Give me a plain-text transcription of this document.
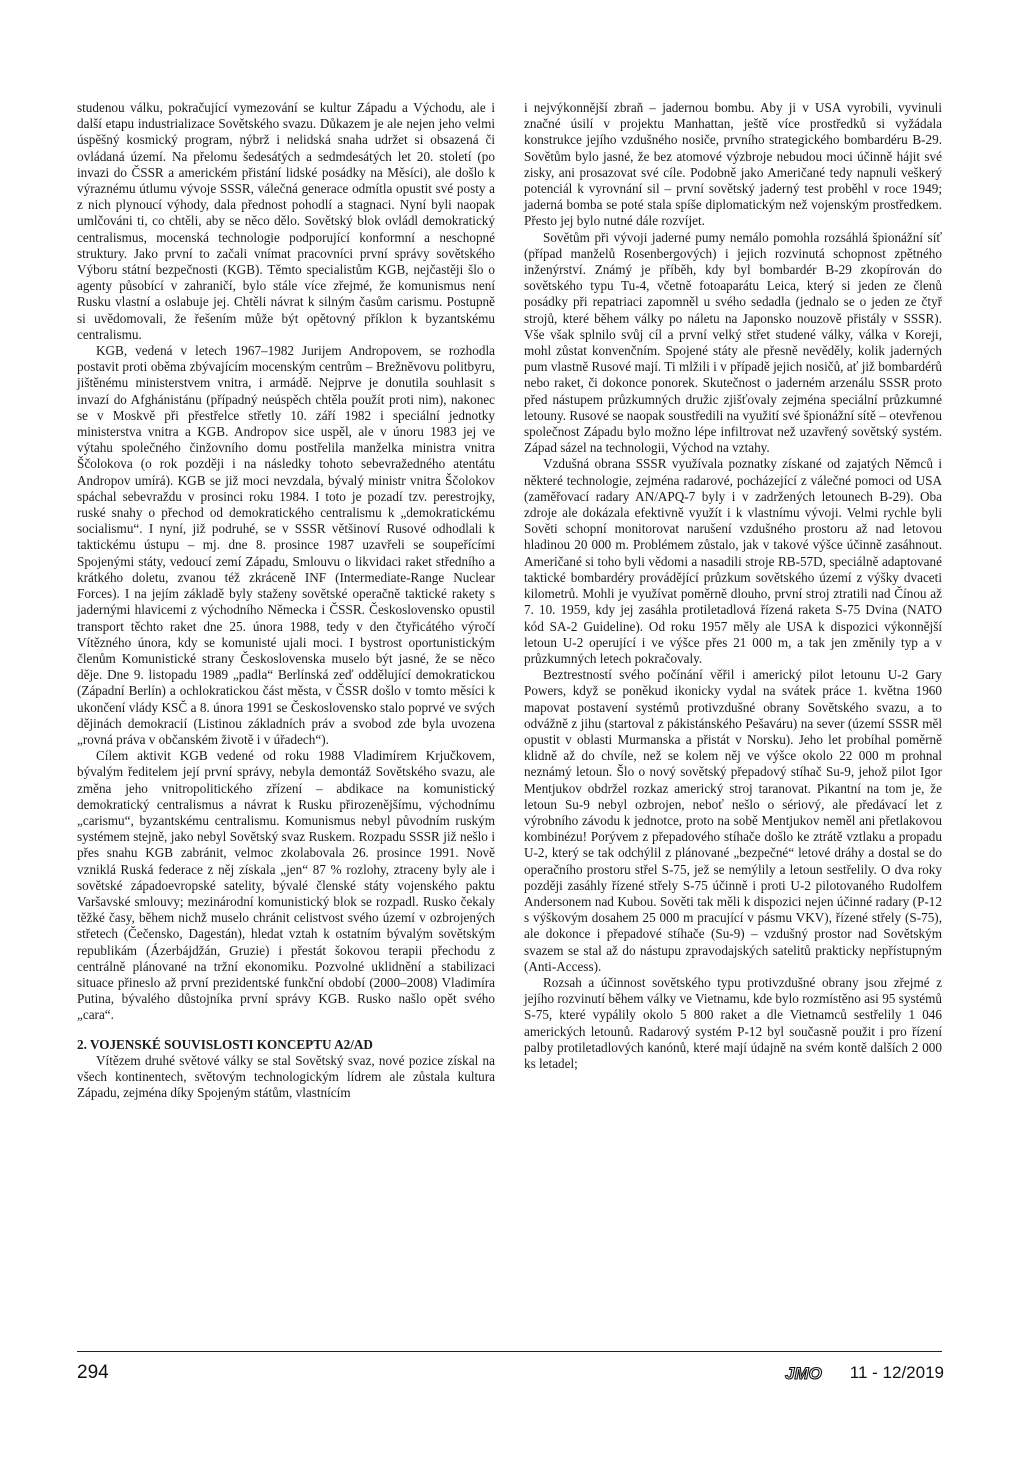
studenou válku, pokračující vymezování se kultur Západu a Východu, ale i další etapu industrializace Sovětského svazu. Důkazem je ale nejen jeho velmi úspěšný kosmický program, nýbrž i nelidská snaha udržet si obsazená či ovládaná území. Na přelomu šedesátých a sedmdesátých let 20. století (po invazi do ČSSR a americkém přistání lidské posádky na Měsíci), ale došlo k výraznému útlumu vývoje SSSR, válečná generace odmítla opustit své posty a z nich plynoucí výhody, dala přednost pohodlí a stagnaci. Nyní byli naopak umlčováni ti, co chtěli, aby se něco dělo. Sovětský blok ovládl demokratický centralismus, mocenská technologie podporující konformní a neschopné struktury. Jako první to začali vnímat pracovníci první správy sovětského Výboru státní bezpečnosti (KGB). Těmto specialistům KGB, nejčastěji šlo o agenty působící v zahraničí, bylo stále více zřejmé, že komunismus není Rusku vlastní a oslabuje jej. Chtěli návrat k silným časům carismu. Postupně si uvědomovali, že řešením může být opětovný příklon k byzantskému centralismu.

KGB, vedená v letech 1967–1982 Jurijem Andropovem, se rozhodla postavit proti oběma zbývajícím mocenským centrům – Brežněvovu politbyru, jištěnému ministerstvem vnitra, i armádě. Nejprve je donutila souhlasit s invazí do Afghánistánu (případný neúspěch chtěla použít proti nim), nakonec se v Moskvě při přestřelce střetly 10. září 1982 i speciální jednotky ministerstva vnitra a KGB. Andropov sice uspěl, ale v únoru 1983 jej ve výtahu společného činžovního domu postřelila manželka ministra vnitra Ščolokova (o rok později i na následky tohoto sebevražedného atentátu Andropov umírá). KGB se již moci nevzdala, bývalý ministr vnitra Ščolokov spáchal sebevraždu v prosinci roku 1984. I toto je pozadí tzv. perestrojky, ruské snahy o přechod od demokratického centralismu k „demokratickému socialismu“. I nyní, již podruhé, se v SSSR většinoví Rusové odhodlali k taktickému ústupu – mj. dne 8. prosince 1987 uzavřeli se soupeřícími Spojenými státy, vedoucí zemí Západu, Smlouvu o likvidaci raket středního a krátkého doletu, zvanou též zkráceně INF (Intermediate-Range Nuclear Forces). I na jejím základě byly staženy sovětské operačně taktické rakety s jadernými hlavicemi z východního Německa i ČSSR. Československo opustil transport těchto raket dne 25. února 1988, tedy v den čtyřicátého výročí Vítězného února, kdy se komunisté ujali moci. I bystrost oportunistickým členům Komunistické strany Československa muselo být jasné, že se něco děje. Dne 9. listopadu 1989 „padla“ Berlínská zeď oddělující demokratickou (Západní Berlín) a ochlokratickou část města, v ČSSR došlo v tomto měsíci k ukončení vlády KSČ a 8. února 1991 se Československo stalo poprvé ve svých dějinách demokracií (Listinou základních práv a svobod zde byla uvozena „rovná práva v občanském životě i v úřadech“).

Cílem aktivit KGB vedené od roku 1988 Vladimírem Krjučkovem, bývalým ředitelem její první správy, nebyla demontáž Sovětského svazu, ale změna jeho vnitropolitického zřízení – abdikace na komunistický demokratický centralismus a návrat k Rusku přirozenějšímu, východnímu „carismu“, byzantskému centralismu. Komunismus nebyl původním ruským systémem stejně, jako nebyl Sovětský svaz Ruskem. Rozpadu SSSR již nešlo i přes snahu KGB zabránit, velmoc zkolabovala 26. prosince 1991. Nově vzniklá Ruská federace z něj získala „jen“ 87 % rozlohy, ztraceny byly ale i sovětské západoevropské satelity, bývalé členské státy vojenského paktu Varšavské smlouvy; mezinárodní komunistický blok se rozpadl. Rusko čekaly těžké časy, během nichž muselo chránit celistvost svého území v ozbrojených střetech (Čečensko, Dagestán), hledat vztah k ostatním bývalým sovětským republikám (Ázerbájdžán, Gruzie) i přestát šokovou terapii přechodu z centrálně plánované na tržní ekonomiku. Pozvolné uklidnění a stabilizaci situace přineslo až první prezidentské funkční období (2000–2008) Vladimíra Putina, bývalého důstojníka první správy KGB. Rusko našlo opět svého „cara“.

2. VOJENSKÉ SOUVISLOSTI KONCEPTU A2/AD

Vítězem druhé světové války se stal Sovětský svaz, nové pozice získal na všech kontinentech, světovým technologickým lídrem ale zůstala kultura Západu, zejména díky Spojeným státům, vlastnícím

i nejvýkonnější zbraň – jadernou bombu. Aby ji v USA vyrobili, vyvinuli značné úsilí v projektu Manhattan, ještě více prostředků si vyžádala konstrukce jejího vzdušného nosiče, prvního strategického bombardéru B-29. Sovětům bylo jasné, že bez atomové výzbroje nebudou moci účinně hájit své zisky, ani prosazovat své cíle. Podobně jako Američané tedy napnuli veškerý potenciál k vyrovnání sil – první sovětský jaderný test proběhl v roce 1949; jaderná bomba se poté stala spíše diplomatickým než vojenským prostředkem. Přesto jej bylo nutné dále rozvíjet.

Sovětům při vývoji jaderné pumy nemálo pomohla rozsáhlá špionážní síť (případ manželů Rosenbergových) i jejich rozvinutá schopnost zpětného inženýrství. Známý je příběh, kdy byl bombardér B-29 zkopírován do sovětského typu Tu-4, včetně fotoaparátu Leica, který si jeden ze členů posádky při repatriaci zapomněl u svého sedadla (jednalo se o jeden ze čtyř strojů, které během války po náletu na Japonsko nouzově přistály v SSSR). Vše však splnilo svůj cíl a první velký střet studené války, válka v Koreji, mohl zůstat konvenčním. Spojené státy ale přesně nevěděly, kolik jaderných pum vlastně Rusové mají. Ti mlžili i v případě jejich nosičů, ať již bombardérů nebo raket, či dokonce ponorek. Skutečnost o jaderném arzenálu SSSR proto před nástupem průzkumných družic zjišťovaly zejména speciální průzkumné letouny. Rusové se naopak soustředili na využití své špionážní sítě – otevřenou společnost Západu bylo možno lépe infiltrovat než uzavřený sovětský systém. Západ sázel na technologii, Východ na vztahy.

Vzdušná obrana SSSR využívala poznatky získané od zajatých Němců i některé technologie, zejména radarové, pocházející z válečné pomoci od USA (zaměřovací radary AN/APQ-7 byly i v zadržených letounech B-29). Oba zdroje ale dokázala efektivně využít i k vlastnímu vývoji. Velmi rychle byli Sověti schopní monitorovat narušení vzdušného prostoru až nad letovou hladinou 20 000 m. Problémem zůstalo, jak v takové výšce účinně zasáhnout. Američané si toho byli vědomi a nasadili stroje RB-57D, speciálně adaptované taktické bombardéry provádějící průzkum sovětského území z výšky dvaceti kilometrů. Mohli je využívat poměrně dlouho, první stroj ztratili nad Čínou až 7. 10. 1959, kdy jej zasáhla protiletadlová řízená raketa S-75 Dvina (NATO kód SA-2 Guideline). Od roku 1957 měly ale USA k dispozici výkonnější letoun U-2 operující i ve výšce přes 21 000 m, a tak jen změnily typ a v průzkumných letech pokračovaly.

Beztrestností svého počínání věřil i americký pilot letounu U-2 Gary Powers, když se poněkud ikonicky vydal na svátek práce 1. května 1960 mapovat postavení systémů protivzdušné obrany Sovětského svazu, a to odvážně z jihu (startoval z pákistánského Pešaváru) na sever (území SSSR měl opustit v oblasti Murmanska a přistát v Norsku). Jeho let probíhal poměrně klidně až do chvíle, než se kolem něj ve výšce okolo 22 000 m prohnal neznámý letoun. Šlo o nový sovětský přepadový stíhač Su-9, jehož pilot Igor Mentjukov obdržel rozkaz americký stroj taranovat. Pikantní na tom je, že letoun Su-9 nebyl ozbrojen, neboť nešlo o sériový, ale předávací let z výrobního závodu k jednotce, proto na sobě Mentjukov neměl ani přetlakovou kombinézu! Porývem z přepadového stíhače došlo ke ztrátě vztlaku a propadu U-2, který se tak odchýlil z plánované „bezpečné“ letové dráhy a dostal se do operačního prostoru střel S-75, jež se nemýlily a letoun sestřelily. O dva roky později zasáhly řízené střely S-75 účinně i proti U-2 pilotovaného Rudolfem Andersonem nad Kubou. Sověti tak měli k dispozici nejen účinné radary (P-12 s výškovým dosahem 25 000 m pracující v pásmu VKV), řízené střely (S-75), ale dokonce i přepadové stíhače (Su-9) – vzdušný prostor nad Sovětským svazem se stal až do nástupu zpravodajských satelitů prakticky nepřístupným (Anti-Access).

Rozsah a účinnost sovětského typu protivzdušné obrany jsou zřejmé z jejího rozvinutí během války ve Vietnamu, kde bylo rozmístěno asi 95 systémů S-75, které vypálily okolo 5 800 raket a dle Vietnamců sestřelily 1 046 amerických letounů. Radarový systém P-12 byl současně použit i pro řízení palby protiletadlových kanónů, které mají údajně na svém kontě dalších 2 000 ks letadel;

294	JMO 11 - 12/2019
